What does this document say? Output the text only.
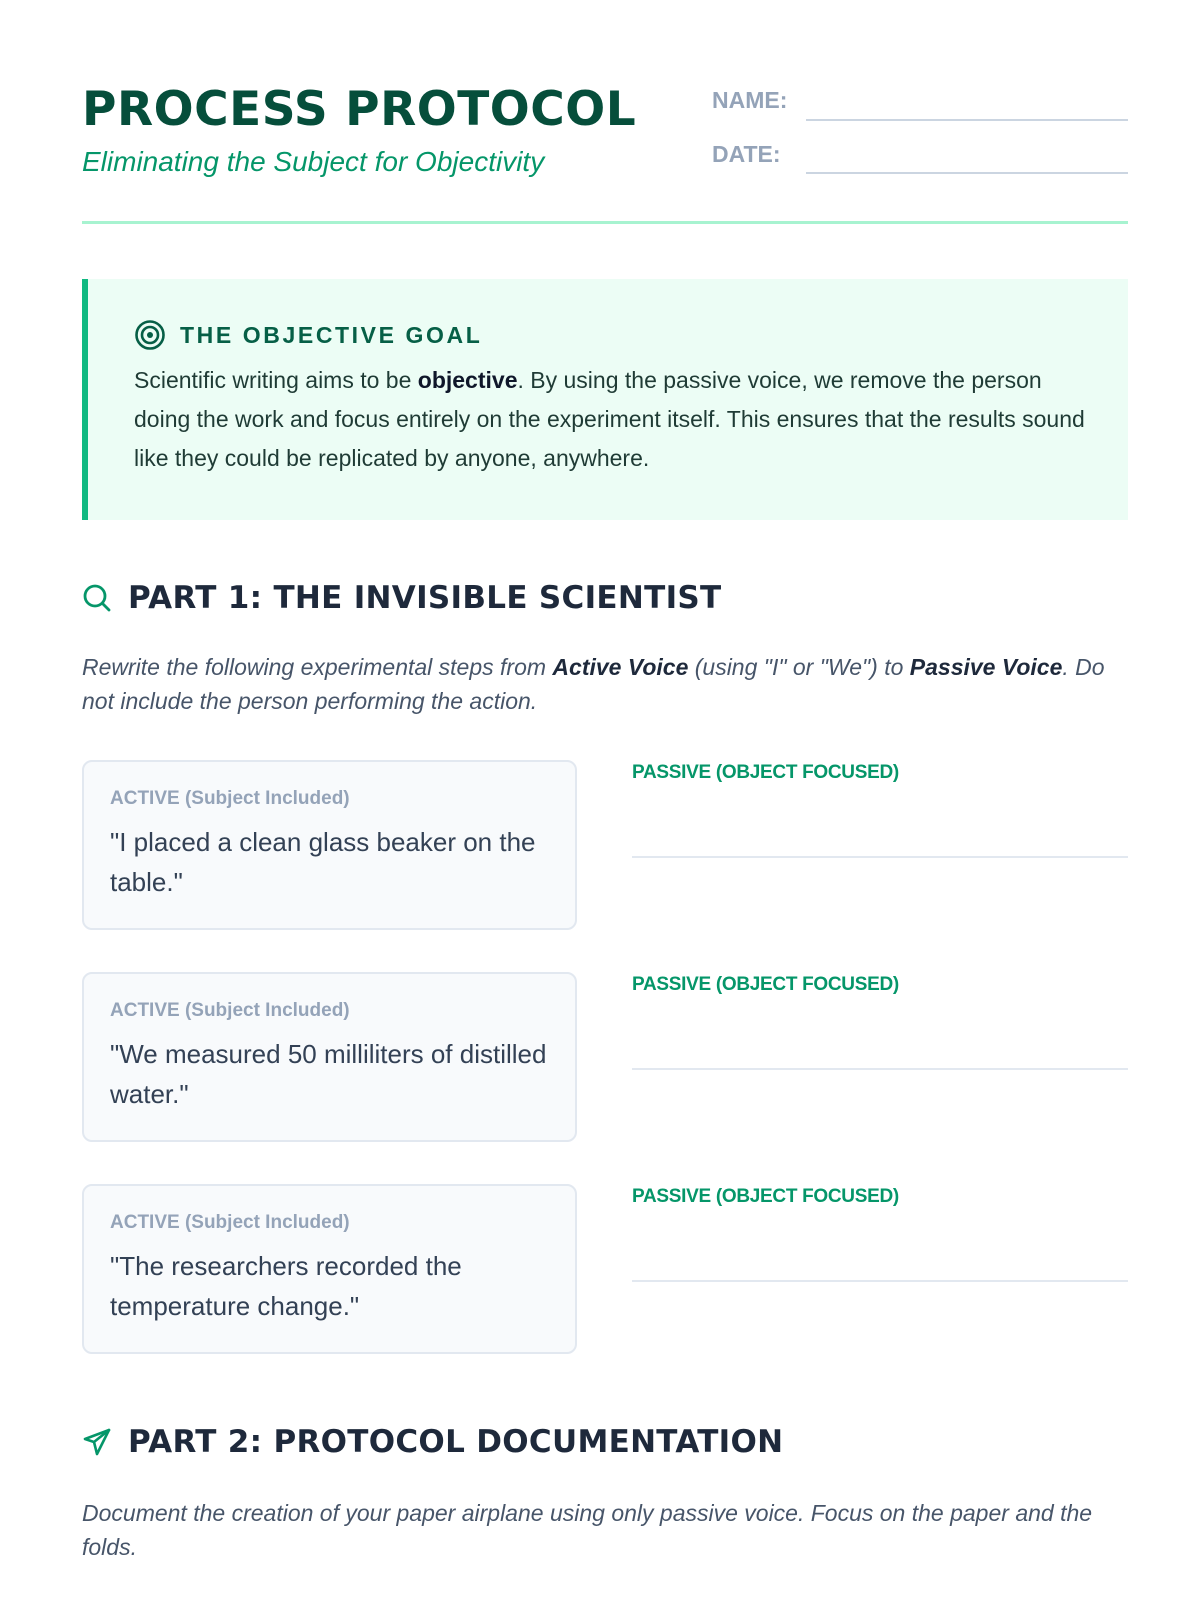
PROCESS PROTOCOL

Eliminating the Subject for Objectivity

NAME:
DATE:
THE OBJECTIVE GOAL
Scientific writing aims to be objective. By using the passive voice, we remove the person doing the work and focus entirely on the experiment itself. This ensures that the results sound like they could be replicated by anyone, anywhere.
PART 1: THE INVISIBLE SCIENTIST
Rewrite the following experimental steps from Active Voice (using "I" or "We") to Passive Voice. Do not include the person performing the action.
ACTIVE (Subject Included)
"I placed a clean glass beaker on the table."
PASSIVE (OBJECT FOCUSED)
ACTIVE (Subject Included)
"We measured 50 milliliters of distilled water."
PASSIVE (OBJECT FOCUSED)
ACTIVE (Subject Included)
"The researchers recorded the temperature change."
PASSIVE (OBJECT FOCUSED)
PART 2: PROTOCOL DOCUMENTATION
Document the creation of your paper airplane using only passive voice. Focus on the paper and the folds.
